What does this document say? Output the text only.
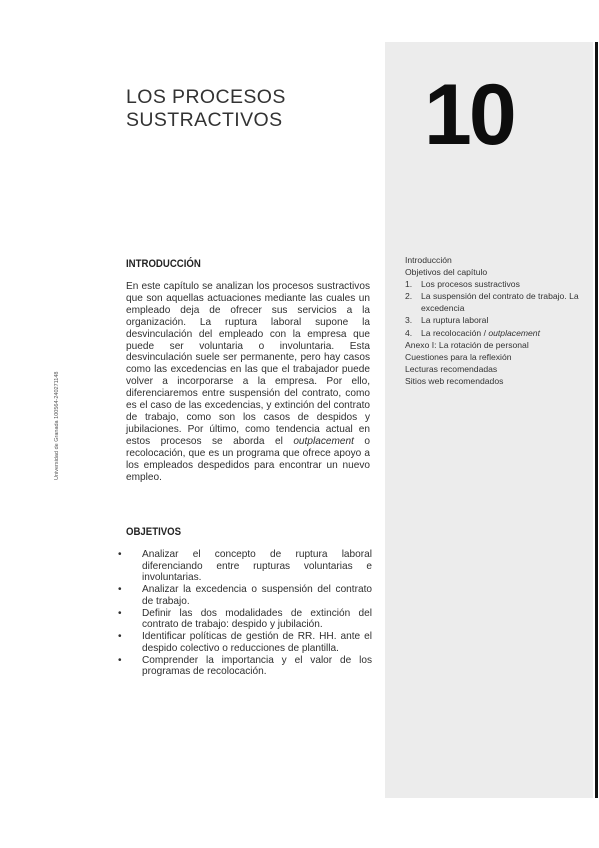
10
LOS PROCESOS
SUSTRACTIVOS
Universidad de Granada 100564-240271148
INTRODUCCIÓN
En este capítulo se analizan los procesos sustractivos que son aquellas actuaciones mediante las cuales un empleado deja de ofrecer sus servicios a la organización. La ruptura laboral supone la desvinculación del empleado con la empresa que puede ser voluntaria o involuntaria. Esta desvinculación suele ser permanente, pero hay casos como las excedencias en las que el trabajador puede volver a incorporarse a la empresa. Por ello, diferenciaremos entre suspensión del contrato, como es el caso de las excedencias, y extinción del contrato de trabajo, como son los casos de despidos y jubilaciones. Por último, como tendencia actual en estos procesos se aborda el outplacement o recolocación, que es un programa que ofrece apoyo a los empleados despedidos para encontrar un nuevo empleo.
OBJETIVOS
• Analizar el concepto de ruptura laboral diferenciando entre rupturas voluntarias e involuntarias.
• Analizar la excedencia o suspensión del contrato de trabajo.
• Definir las dos modalidades de extinción del contrato de trabajo: despido y jubilación.
• Identificar políticas de gestión de RR. HH. ante el despido colectivo o reducciones de plantilla.
• Comprender la importancia y el valor de los programas de recolocación.
Introducción
Objetivos del capítulo
1.	Los procesos sustractivos
2.	La suspensión del contrato de trabajo. La excedencia
3.	La ruptura laboral
4.	La recolocación / outplacement
Anexo I: La rotación de personal
Cuestiones para la reflexión
Lecturas recomendadas
Sitios web recomendados
